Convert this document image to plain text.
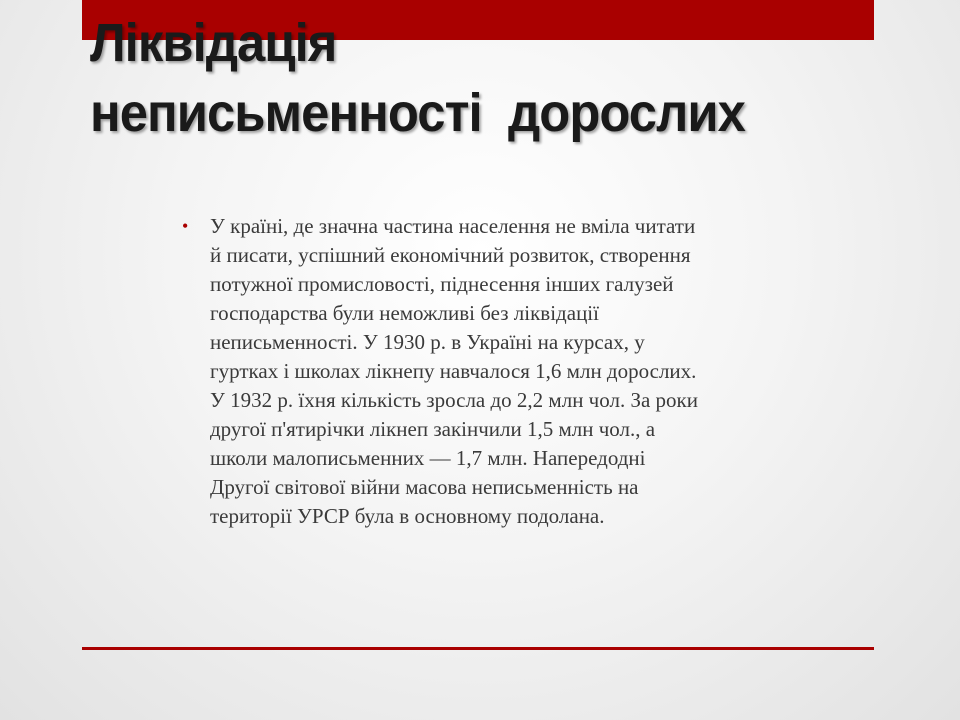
Ліквідація
неписьменності  дорослих
•	У країні, де значна частина населення не вміла читати
й писати, успішний економічний розвиток, створення
потужної промисловості, піднесення інших галузей
господарства були неможливі без ліквідації
неписьменності. У 1930 р. в Україні на курсах, у
гуртках і школах лікнепу навчалося 1,6 млн дорослих.
У 1932 р. їхня кількість зросла до 2,2 млн чол. За роки
другої п'ятирічки лікнеп закінчили 1,5 млн чол., а
школи малописьменних — 1,7 млн. Напередодні
Другої світової війни масова неписьменність на
території УРСР була в основному подолана.
